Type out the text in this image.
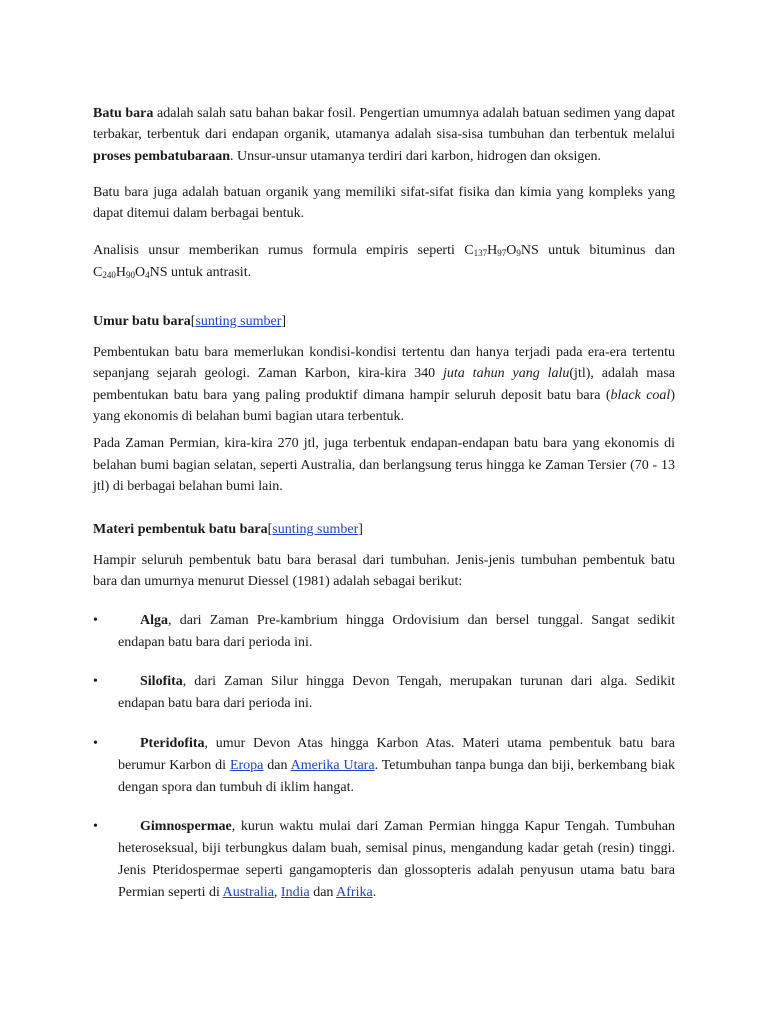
Batu bara adalah salah satu bahan bakar fosil. Pengertian umumnya adalah batuan sedimen yang dapat terbakar, terbentuk dari endapan organik, utamanya adalah sisa-sisa tumbuhan dan terbentuk melalui proses pembatubaraan. Unsur-unsur utamanya terdiri dari karbon, hidrogen dan oksigen.

Batu bara juga adalah batuan organik yang memiliki sifat-sifat fisika dan kimia yang kompleks yang dapat ditemui dalam berbagai bentuk.

Analisis unsur memberikan rumus formula empiris seperti $C_{137}H_{97}O_9NS$ untuk bituminus dan $C_{240}H_{90}O_4NS$ untuk antrasit.

Umur batu bara[sunting sumber]

Pembentukan batu bara memerlukan kondisi-kondisi tertentu dan hanya terjadi pada era-era tertentu sepanjang sejarah geologi. Zaman Karbon, kira-kira 340 juta tahun yang lalu(jtl), adalah masa pembentukan batu bara yang paling produktif dimana hampir seluruh deposit batu bara (black coal) yang ekonomis di belahan bumi bagian utara terbentuk.

Pada Zaman Permian, kira-kira 270 jtl, juga terbentuk endapan-endapan batu bara yang ekonomis di belahan bumi bagian selatan, seperti Australia, dan berlangsung terus hingga ke Zaman Tersier (70 - 13 jtl) di berbagai belahan bumi lain.

Materi pembentuk batu bara[sunting sumber]

Hampir seluruh pembentuk batu bara berasal dari tumbuhan. Jenis-jenis tumbuhan pembentuk batu bara dan umurnya menurut Diessel (1981) adalah sebagai berikut:

•	Alga, dari Zaman Pre-kambrium hingga Ordovisium dan bersel tunggal. Sangat sedikit endapan batu bara dari perioda ini.
•	Silofita, dari Zaman Silur hingga Devon Tengah, merupakan turunan dari alga. Sedikit endapan batu bara dari perioda ini.
•	Pteridofita, umur Devon Atas hingga Karbon Atas. Materi utama pembentuk batu bara berumur Karbon di Eropa dan Amerika Utara. Tetumbuhan tanpa bunga dan biji, berkembang biak dengan spora dan tumbuh di iklim hangat.
•	Gimnospermae, kurun waktu mulai dari Zaman Permian hingga Kapur Tengah. Tumbuhan heteroseksual, biji terbungkus dalam buah, semisal pinus, mengandung kadar getah (resin) tinggi. Jenis Pteridospermae seperti gangamopteris dan glossopteris adalah penyusun utama batu bara Permian seperti di Australia, India dan Afrika.
